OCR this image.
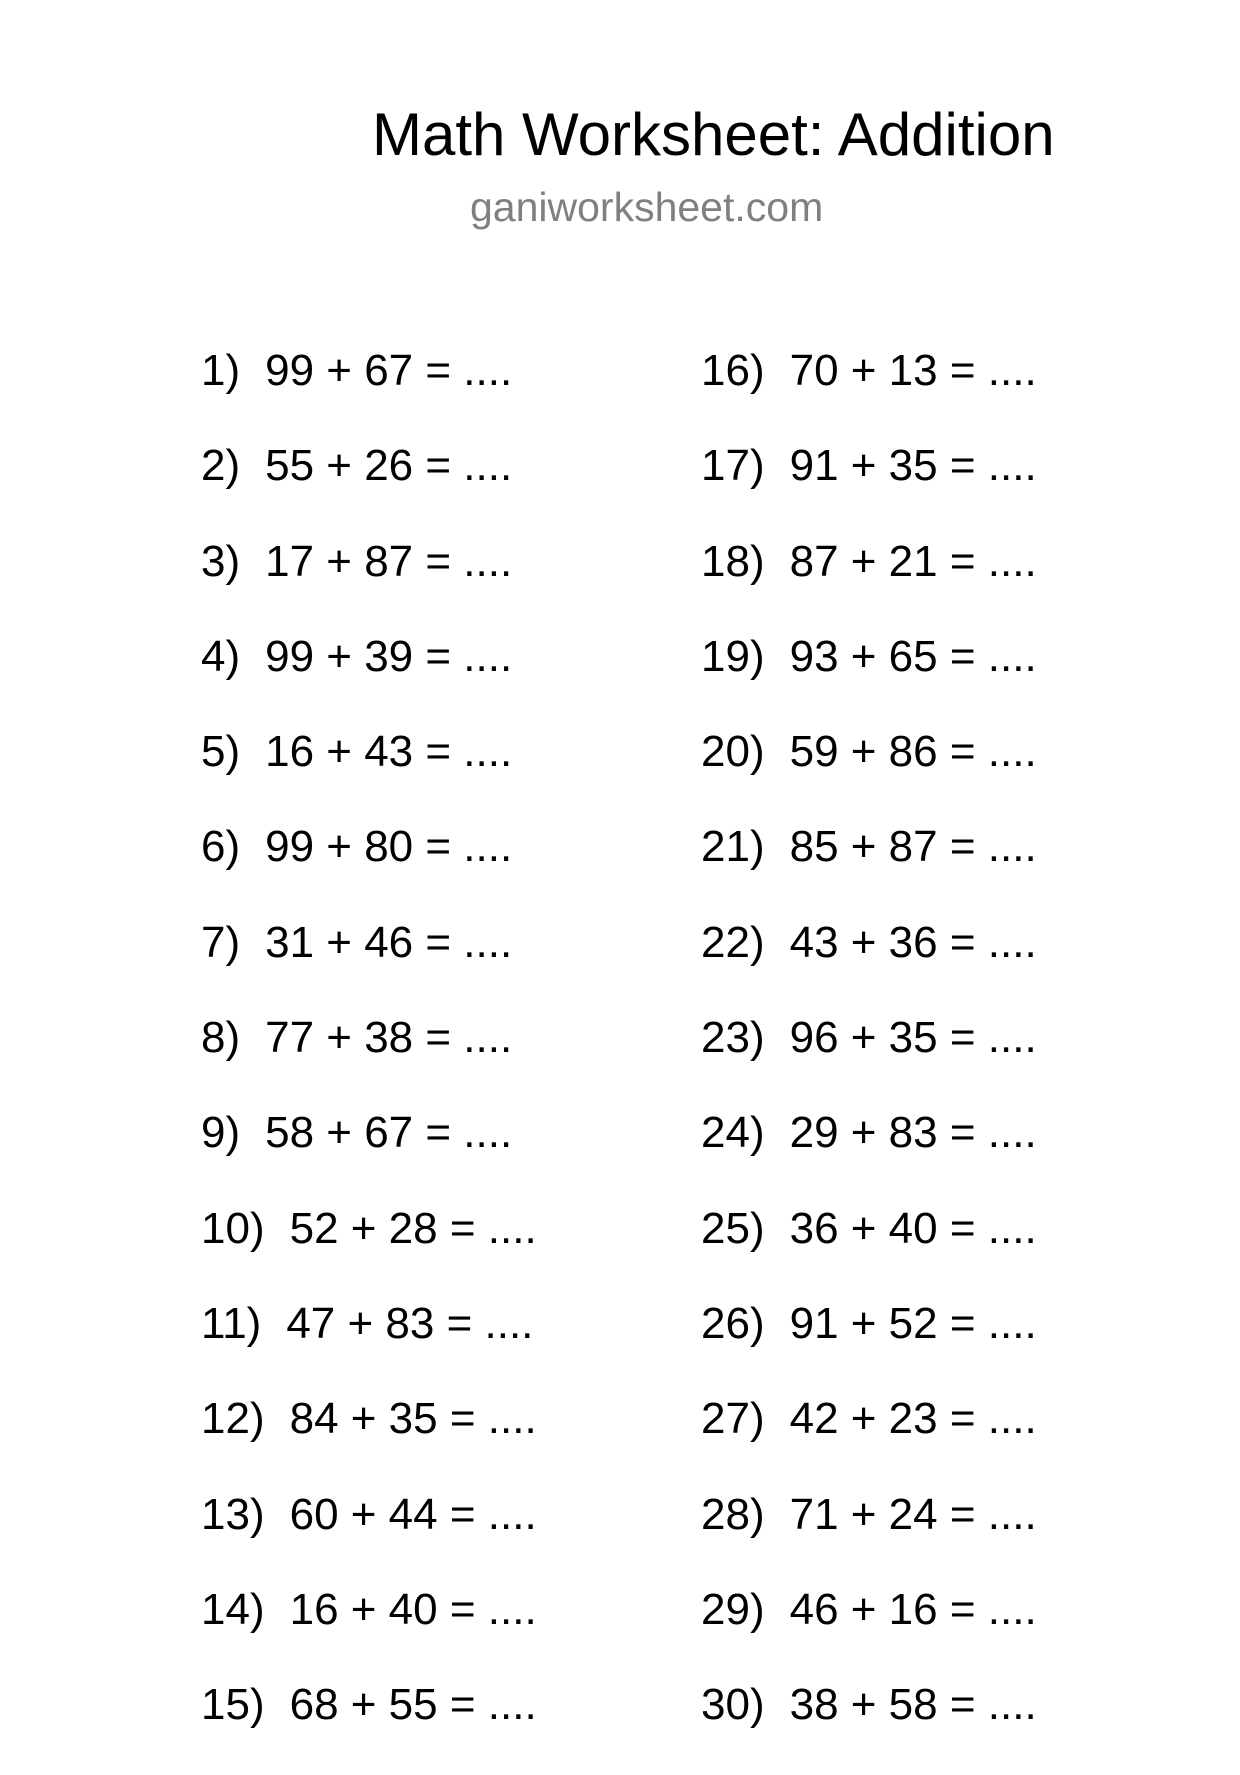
Math Worksheet: Addition
ganiworksheet.com
1) 99 + 67 = ....
2) 55 + 26 = ....
3) 17 + 87 = ....
4) 99 + 39 = ....
5) 16 + 43 = ....
6) 99 + 80 = ....
7) 31 + 46 = ....
8) 77 + 38 = ....
9) 58 + 67 = ....
10) 52 + 28 = ....
11) 47 + 83 = ....
12) 84 + 35 = ....
13) 60 + 44 = ....
14) 16 + 40 = ....
15) 68 + 55 = ....
16) 70 + 13 = ....
17) 91 + 35 = ....
18) 87 + 21 = ....
19) 93 + 65 = ....
20) 59 + 86 = ....
21) 85 + 87 = ....
22) 43 + 36 = ....
23) 96 + 35 = ....
24) 29 + 83 = ....
25) 36 + 40 = ....
26) 91 + 52 = ....
27) 42 + 23 = ....
28) 71 + 24 = ....
29) 46 + 16 = ....
30) 38 + 58 = ....
